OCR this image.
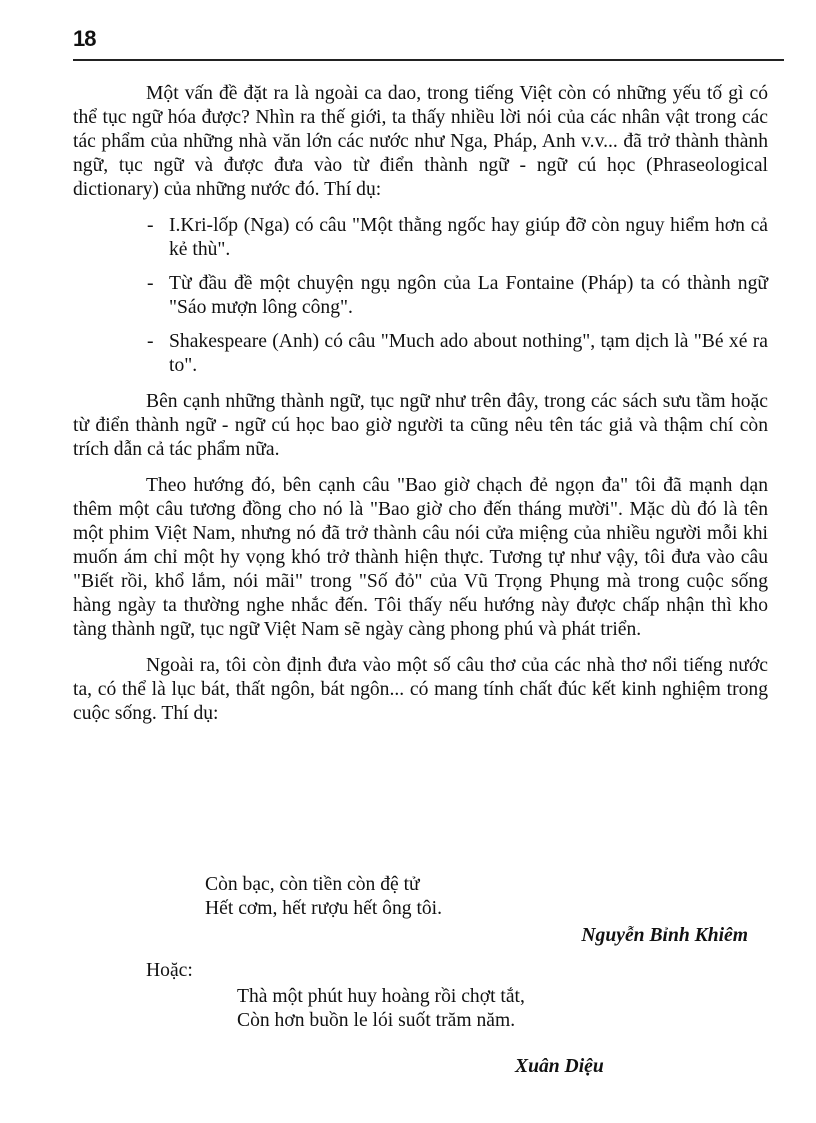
18

Một vấn đề đặt ra là ngoài ca dao, trong tiếng Việt còn có những yếu tố gì có thể tục ngữ hóa được? Nhìn ra thế giới, ta thấy nhiều lời nói của các nhân vật trong các tác phẩm của những nhà văn lớn các nước như Nga, Pháp, Anh v.v... đã trở thành thành ngữ, tục ngữ và được đưa vào từ điển thành ngữ - ngữ cú học (Phraseological dictionary) của những nước đó. Thí dụ:

- I.Kri-lốp (Nga) có câu "Một thằng ngốc hay giúp đỡ còn nguy hiểm hơn cả kẻ thù".
- Từ đầu đề một chuyện ngụ ngôn của La Fontaine (Pháp) ta có thành ngữ "Sáo mượn lông công".
- Shakespeare (Anh) có câu "Much ado about nothing", tạm dịch là "Bé xé ra to".

Bên cạnh những thành ngữ, tục ngữ như trên đây, trong các sách sưu tầm hoặc từ điển thành ngữ - ngữ cú học bao giờ người ta cũng nêu tên tác giả và thậm chí còn trích dẫn cả tác phẩm nữa.

Theo hướng đó, bên cạnh câu "Bao giờ chạch đẻ ngọn đa" tôi đã mạnh dạn thêm một câu tương đồng cho nó là "Bao giờ cho đến tháng mười". Mặc dù đó là tên một phim Việt Nam, nhưng nó đã trở thành câu nói cửa miệng của nhiều người mỗi khi muốn ám chỉ một hy vọng khó trở thành hiện thực. Tương tự như vậy, tôi đưa vào câu "Biết rồi, khổ lắm, nói mãi" trong "Số đỏ" của Vũ Trọng Phụng mà trong cuộc sống hàng ngày ta thường nghe nhắc đến. Tôi thấy nếu hướng này được chấp nhận thì kho tàng thành ngữ, tục ngữ Việt Nam sẽ ngày càng phong phú và phát triển.

Ngoài ra, tôi còn định đưa vào một số câu thơ của các nhà thơ nổi tiếng nước ta, có thể là lục bát, thất ngôn, bát ngôn... có mang tính chất đúc kết kinh nghiệm trong cuộc sống. Thí dụ:

Còn bạc, còn tiền còn đệ tử
Hết cơm, hết rượu hết ông tôi.
Nguyễn Bỉnh Khiêm
Hoặc:
Thà một phút huy hoàng rồi chợt tắt,
Còn hơn buồn le lói suốt trăm năm.
Xuân Diệu
